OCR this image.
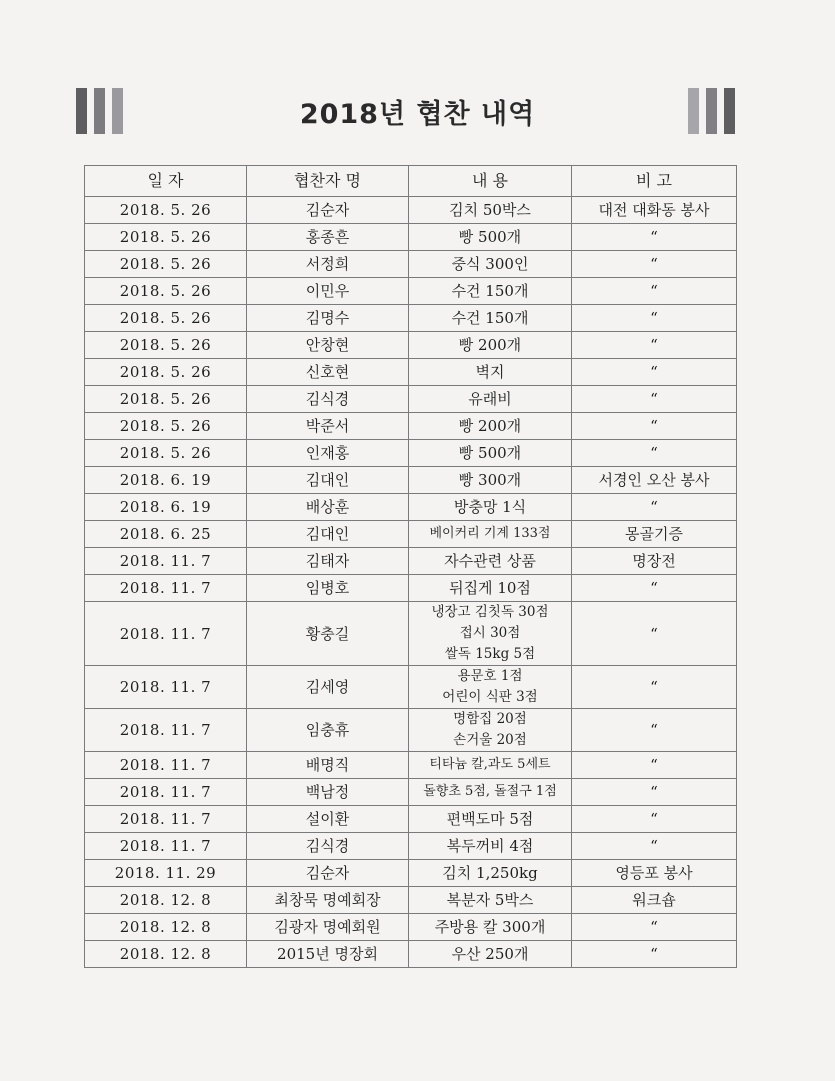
2018년 협찬 내역
일 자	협찬자 명	내 용	비 고
2018. 5. 26	김순자	김치 50박스	대전 대화동 봉사
2018. 5. 26	홍종흔	빵 500개	“
2018. 5. 26	서정희	중식 300인	“
2018. 5. 26	이민우	수건 150개	“
2018. 5. 26	김명수	수건 150개	“
2018. 5. 26	안창현	빵 200개	“
2018. 5. 26	신호현	벽지	“
2018. 5. 26	김식경	유래비	“
2018. 5. 26	박준서	빵 200개	“
2018. 5. 26	인재홍	빵 500개	“
2018. 6. 19	김대인	빵 300개	서경인 오산 봉사
2018. 6. 19	배상훈	방충망 1식	“
2018. 6. 25	김대인	베이커리 기계 133점	몽골기증
2018. 11. 7	김태자	자수관련 상품	명장전
2018. 11. 7	임병호	뒤집게 10점	“
2018. 11. 7	황충길	냉장고 김칫독 30점
접시 30점
쌀독 15kg 5점	“
2018. 11. 7	김세영	용문호 1점
어린이 식판 3점	“
2018. 11. 7	임충휴	명함집 20점
손거울 20점	“
2018. 11. 7	배명직	티타늄 칼,과도 5세트	“
2018. 11. 7	백남정	돌향초 5점, 돌절구 1점	“
2018. 11. 7	설이환	편백도마 5점	“
2018. 11. 7	김식경	복두꺼비 4점	“
2018. 11. 29	김순자	김치 1,250kg	영등포 봉사
2018. 12. 8	최창묵 명예회장	복분자 5박스	워크숍
2018. 12. 8	김광자 명예회원	주방용 칼 300개	“
2018. 12. 8	2015년 명장회	우산 250개	“
